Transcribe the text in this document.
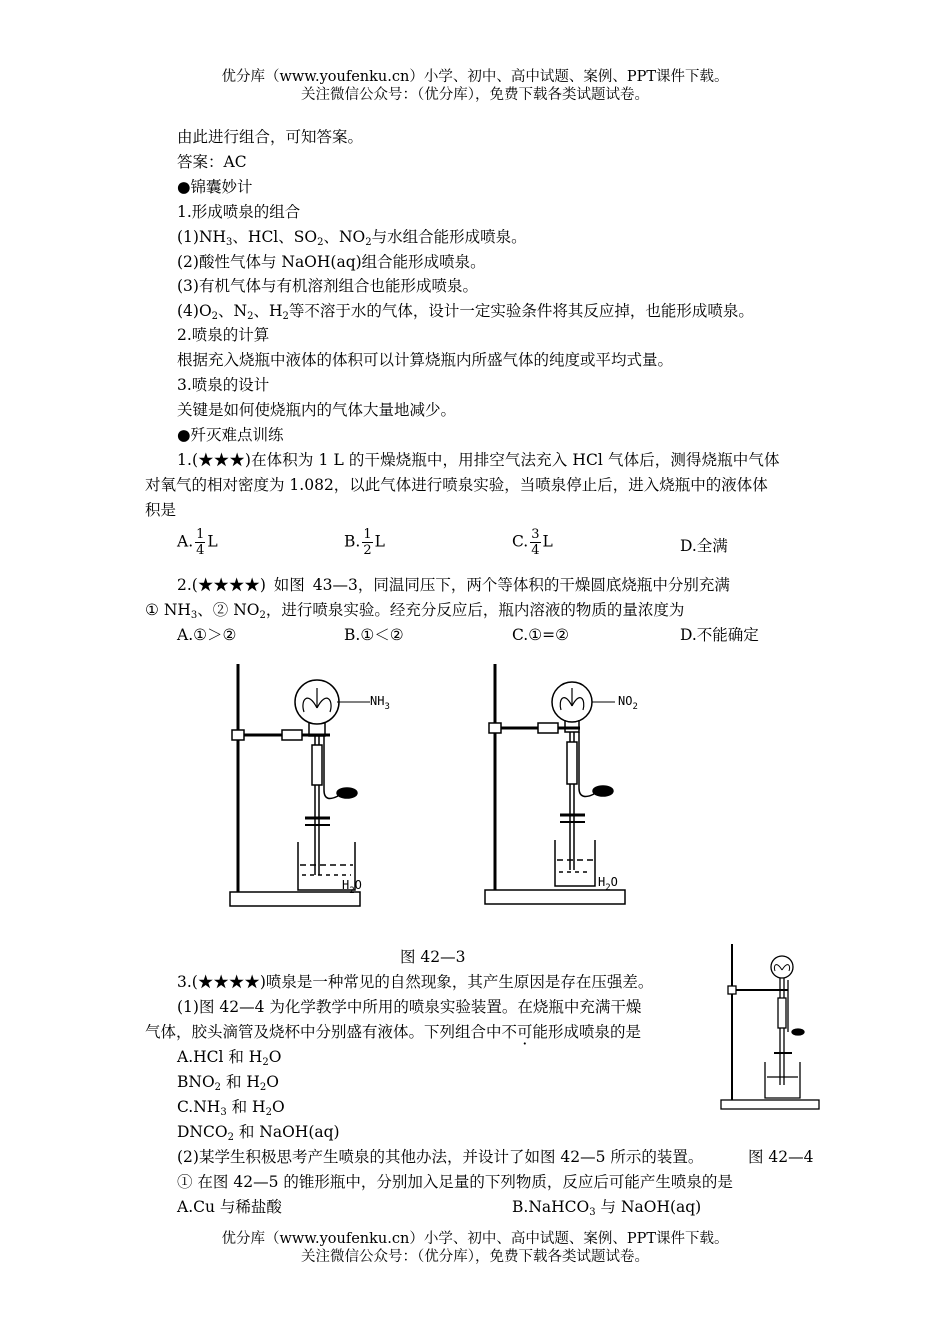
优分库（www.youfenku.cn）小学、初中、高中试题、案例、PPT课件下载。
关注微信公众号：（优分库），免费下载各类试题试卷。
由此进行组合，可知答案。
答案：AC
●锦囊妙计
1.形成喷泉的组合
$(1)NH_3$、HCl、$SO_2$、$NO_2$与水组合能形成喷泉。
(2)酸性气体与 NaOH(aq)组合能形成喷泉。
(3)有机气体与有机溶剂组合也能形成喷泉。
$(4)O_2$、$N_2$、$H_2$等不溶于水的气体，设计一定实验条件将其反应掉，也能形成喷泉。
2.喷泉的计算
根据充入烧瓶中液体的体积可以计算烧瓶内所盛气体的纯度或平均式量。
3.喷泉的设计
关键是如何使烧瓶内的气体大量地减少。
●歼灭难点训练
1.(★★★)在体积为 1 L 的干燥烧瓶中，用排空气法充入 HCl 气体后，测得烧瓶中气体
对氧气的相对密度为 1.082，以此气体进行喷泉实验，当喷泉停止后，进入烧瓶中的液体体
积是
A. $\frac{1}{4}$ L	B. $\frac{1}{2}$ L	C. $\frac{3}{4}$ L	D.全满
2.(★★★★) 如图 43—3，同温同压下，两个等体积的干燥圆底烧瓶中分别充满
① $NH_3$、② $NO_2$，进行喷泉实验。经充分反应后，瓶内溶液的物质的量浓度为
A.①＞②	B.①＜②	C.①=②	D.不能确定
$NH_3$
$H_2O$
$NO_2$
$H_2O$
图 42—3
3.(★★★★)喷泉是一种常见的自然现象，其产生原因是存在压强差。
(1)图 42—4 为化学教学中所用的喷泉实验装置。在烧瓶中充满干燥
气体，胶头滴管及烧杯中分别盛有液体。下列组合中不可能形成喷泉的是
A.HCl 和 $H_2O$
$BNO_2$ 和 $H_2O$
$C.NH_3$ 和 $H_2O$
$DNCO_2$ 和 NaOH(aq)
(2)某学生积极思考产生喷泉的其他办法，并设计了如图 42—5 所示的装置。	图 42—4
① 在图 42—5 的锥形瓶中，分别加入足量的下列物质，反应后可能产生喷泉的是
A.Cu 与稀盐酸	B.NaHCO$_3$ 与 NaOH(aq)
优分库（www.youfenku.cn）小学、初中、高中试题、案例、PPT课件下载。
关注微信公众号：（优分库），免费下载各类试题试卷。
